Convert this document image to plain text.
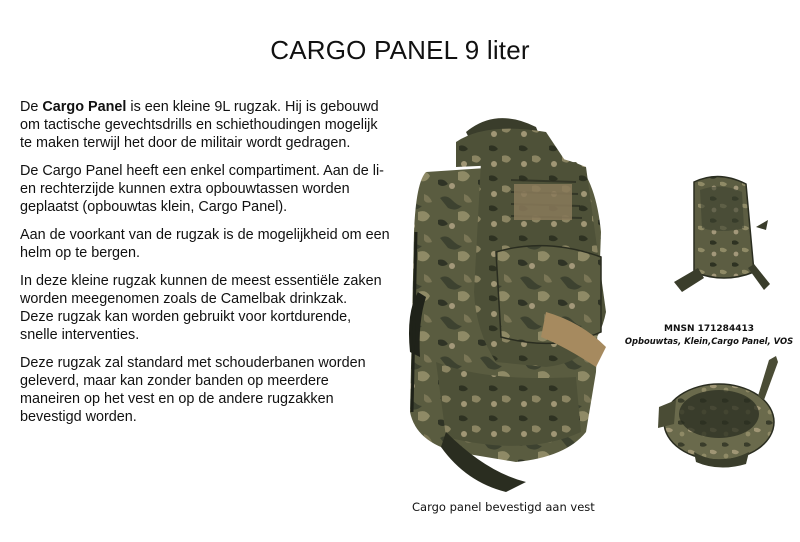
CARGO PANEL 9 liter

De Cargo Panel is een kleine 9L rugzak. Hij is gebouwd om tactische gevechtsdrills en schiethoudingen mogelijk te maken terwijl het door de militair wordt gedragen.

De Cargo Panel heeft een enkel compartiment. Aan de li- en rechterzijde kunnen extra opbouwtassen worden geplaatst (opbouwtas klein, Cargo Panel).

Aan de voorkant van de rugzak is de mogelijkheid om een helm op te bergen.

In deze kleine rugzak kunnen de meest essentiële zaken worden meegenomen zoals de Camelbak drinkzak.

Deze rugzak kan worden gebruikt voor kortdurende, snelle interventies.

Deze rugzak zal standard met schouderbanen worden geleverd, maar kan zonder banden op meerdere maneiren op het vest en op de andere rugzakken bevestigd worden.

Cargo panel bevestigd aan vest
MNSN 171284413
Opbouwtas, Klein,Cargo Panel, VOS
